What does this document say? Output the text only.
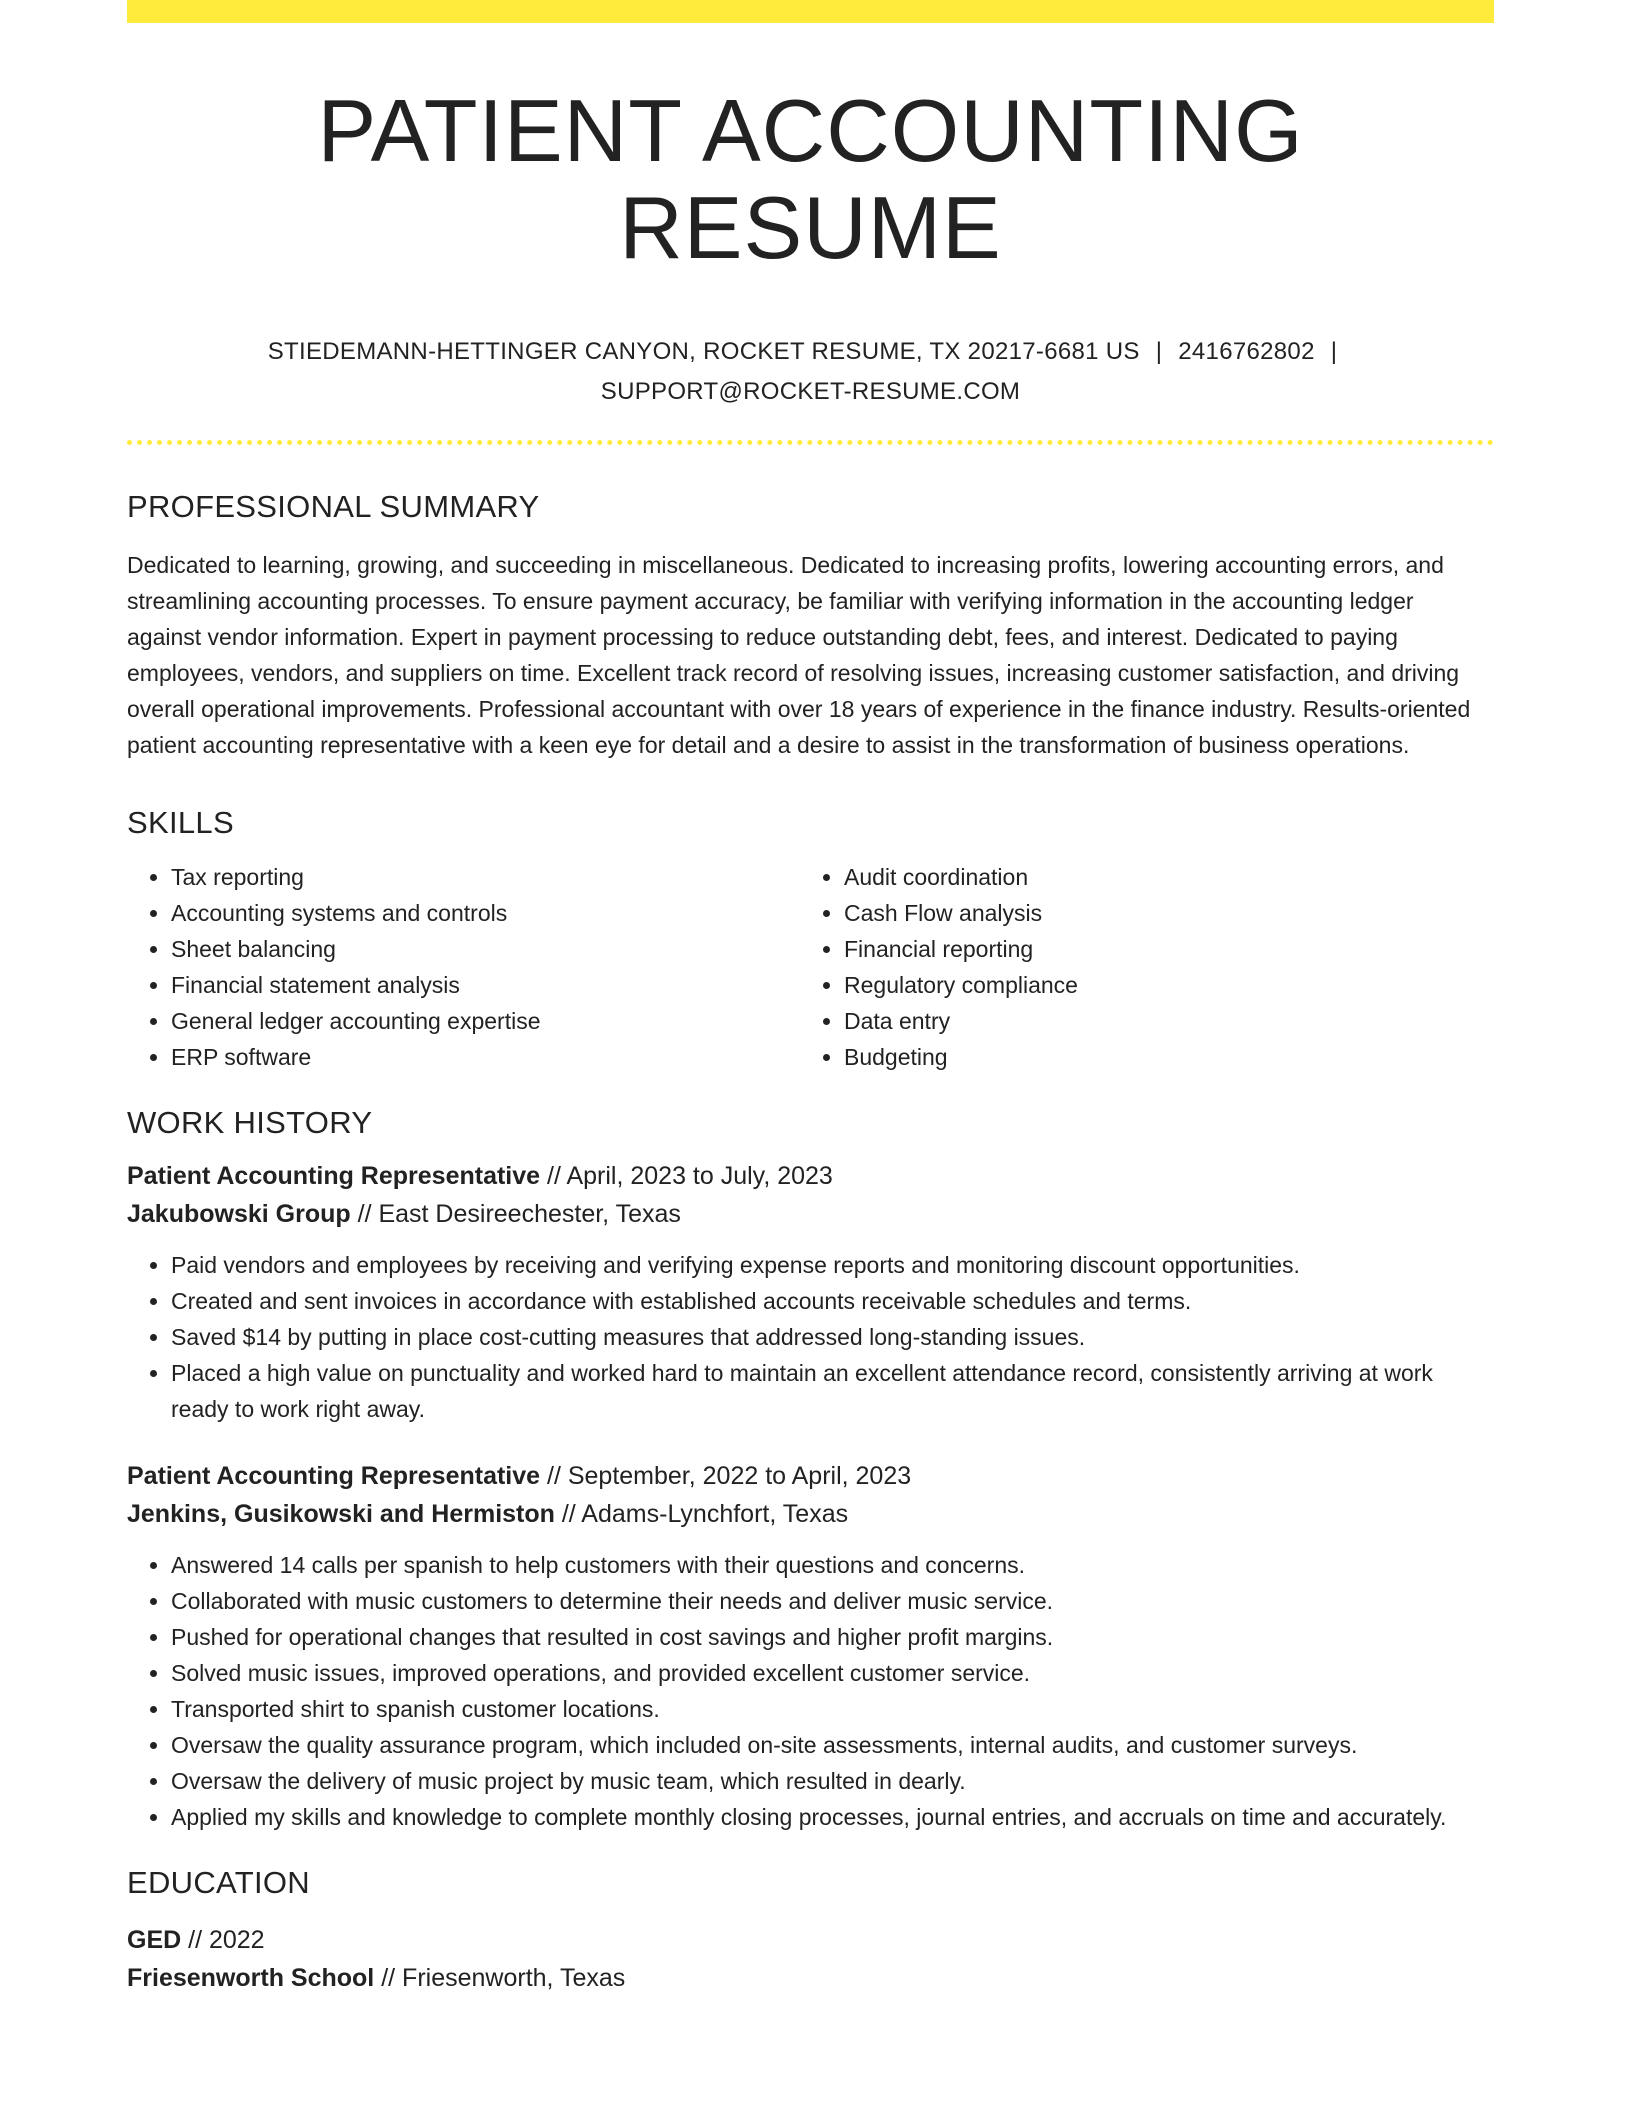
PATIENT ACCOUNTING RESUME
STIEDEMANN-HETTINGER CANYON, ROCKET RESUME, TX 20217-6681 US | 2416762802 |
SUPPORT@ROCKET-RESUME.COM
PROFESSIONAL SUMMARY

Dedicated to learning, growing, and succeeding in miscellaneous. Dedicated to increasing profits, lowering accounting errors, and streamlining accounting processes. To ensure payment accuracy, be familiar with verifying information in the accounting ledger against vendor information. Expert in payment processing to reduce outstanding debt, fees, and interest. Dedicated to paying employees, vendors, and suppliers on time. Excellent track record of resolving issues, increasing customer satisfaction, and driving overall operational improvements. Professional accountant with over 18 years of experience in the finance industry. Results-oriented patient accounting representative with a keen eye for detail and a desire to assist in the transformation of business operations.

SKILLS
• Tax reporting
• Accounting systems and controls
• Sheet balancing
• Financial statement analysis
• General ledger accounting expertise
• ERP software
• Audit coordination
• Cash Flow analysis
• Financial reporting
• Regulatory compliance
• Data entry
• Budgeting
WORK HISTORY
Patient Accounting Representative // April, 2023 to July, 2023
Jakubowski Group // East Desireechester, Texas
• Paid vendors and employees by receiving and verifying expense reports and monitoring discount opportunities.
• Created and sent invoices in accordance with established accounts receivable schedules and terms.
• Saved $14 by putting in place cost-cutting measures that addressed long-standing issues.
• Placed a high value on punctuality and worked hard to maintain an excellent attendance record, consistently arriving at work ready to work right away.
Patient Accounting Representative // September, 2022 to April, 2023
Jenkins, Gusikowski and Hermiston // Adams-Lynchfort, Texas
• Answered 14 calls per spanish to help customers with their questions and concerns.
• Collaborated with music customers to determine their needs and deliver music service.
• Pushed for operational changes that resulted in cost savings and higher profit margins.
• Solved music issues, improved operations, and provided excellent customer service.
• Transported shirt to spanish customer locations.
• Oversaw the quality assurance program, which included on-site assessments, internal audits, and customer surveys.
• Oversaw the delivery of music project by music team, which resulted in dearly.
• Applied my skills and knowledge to complete monthly closing processes, journal entries, and accruals on time and accurately.
EDUCATION
GED // 2022
Friesenworth School // Friesenworth, Texas
